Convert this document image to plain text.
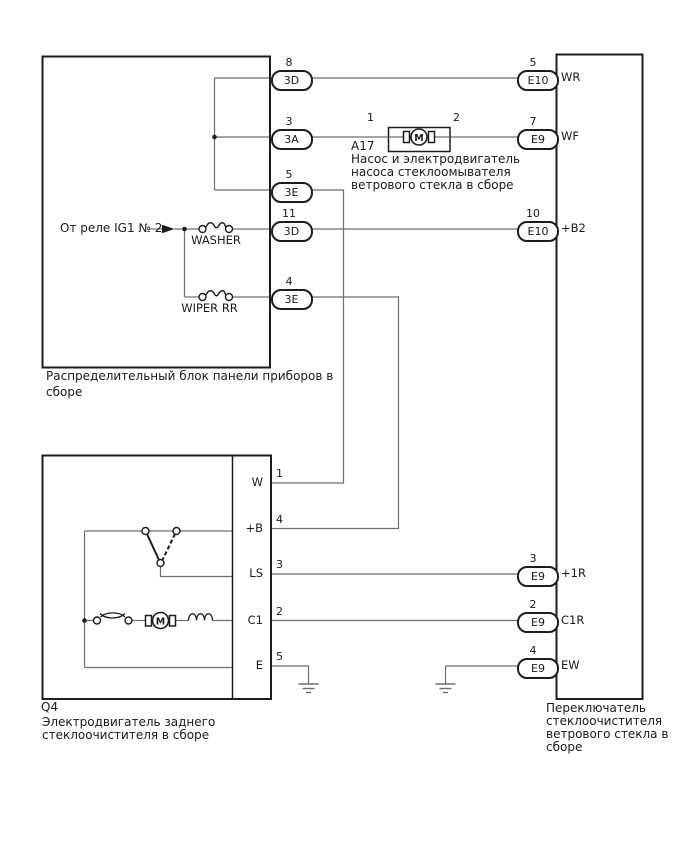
M
M
8
3D
3
3A
5
3E
11
3D
4
3E
От реле IG1 № 2
WASHER
WIPER RR
Распределительный блок панели приборов в
сборе
1	2
A17
Насос и электродвигатель
насоса стеклоомывателя
ветрового стекла в сборе
1
W
4
+B
3
LS
2
C1
5
E
Q4
Электродвигатель заднего
стеклоочистителя в сборе
5
E10	WR
7
E9	WF
10
E10	+B2
3
E9	+1R
2
E9	C1R
4
E9	EW
Переключатель
стеклоочистителя
ветрового стекла в
сборе
